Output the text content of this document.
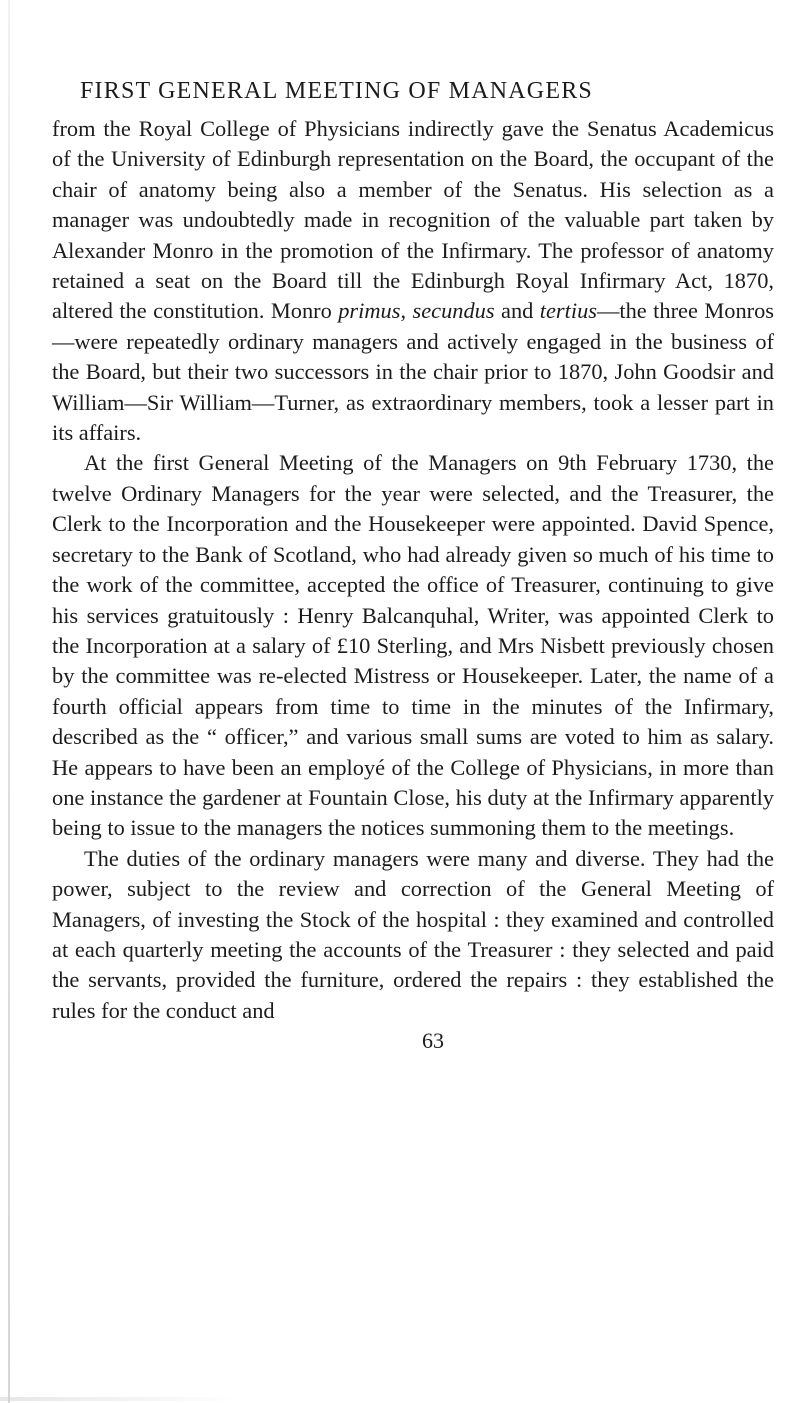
FIRST GENERAL MEETING OF MANAGERS

from the Royal College of Physicians indirectly gave the Senatus Academicus of the University of Edinburgh representation on the Board, the occupant of the chair of anatomy being also a member of the Senatus. His selection as a manager was undoubtedly made in recognition of the valuable part taken by Alexander Monro in the promotion of the Infirmary. The professor of anatomy retained a seat on the Board till the Edinburgh Royal Infirmary Act, 1870, altered the constitution. Monro primus, secundus and tertius—the three Monros—were repeatedly ordinary managers and actively engaged in the business of the Board, but their two successors in the chair prior to 1870, John Goodsir and William—Sir William—Turner, as extraordinary members, took a lesser part in its affairs.

At the first General Meeting of the Managers on 9th February 1730, the twelve Ordinary Managers for the year were selected, and the Treasurer, the Clerk to the Incorporation and the Housekeeper were appointed. David Spence, secretary to the Bank of Scotland, who had already given so much of his time to the work of the committee, accepted the office of Treasurer, continuing to give his services gratuitously : Henry Balcanquhal, Writer, was appointed Clerk to the Incorporation at a salary of £10 Sterling, and Mrs Nisbett previously chosen by the committee was re-elected Mistress or Housekeeper. Later, the name of a fourth official appears from time to time in the minutes of the Infirmary, described as the “ officer,” and various small sums are voted to him as salary. He appears to have been an employé of the College of Physicians, in more than one instance the gardener at Fountain Close, his duty at the Infirmary apparently being to issue to the managers the notices summoning them to the meetings.

The duties of the ordinary managers were many and diverse. They had the power, subject to the review and correction of the General Meeting of Managers, of investing the Stock of the hospital : they examined and controlled at each quarterly meeting the accounts of the Treasurer : they selected and paid the servants, provided the furniture, ordered the repairs : they established the rules for the conduct and

63
